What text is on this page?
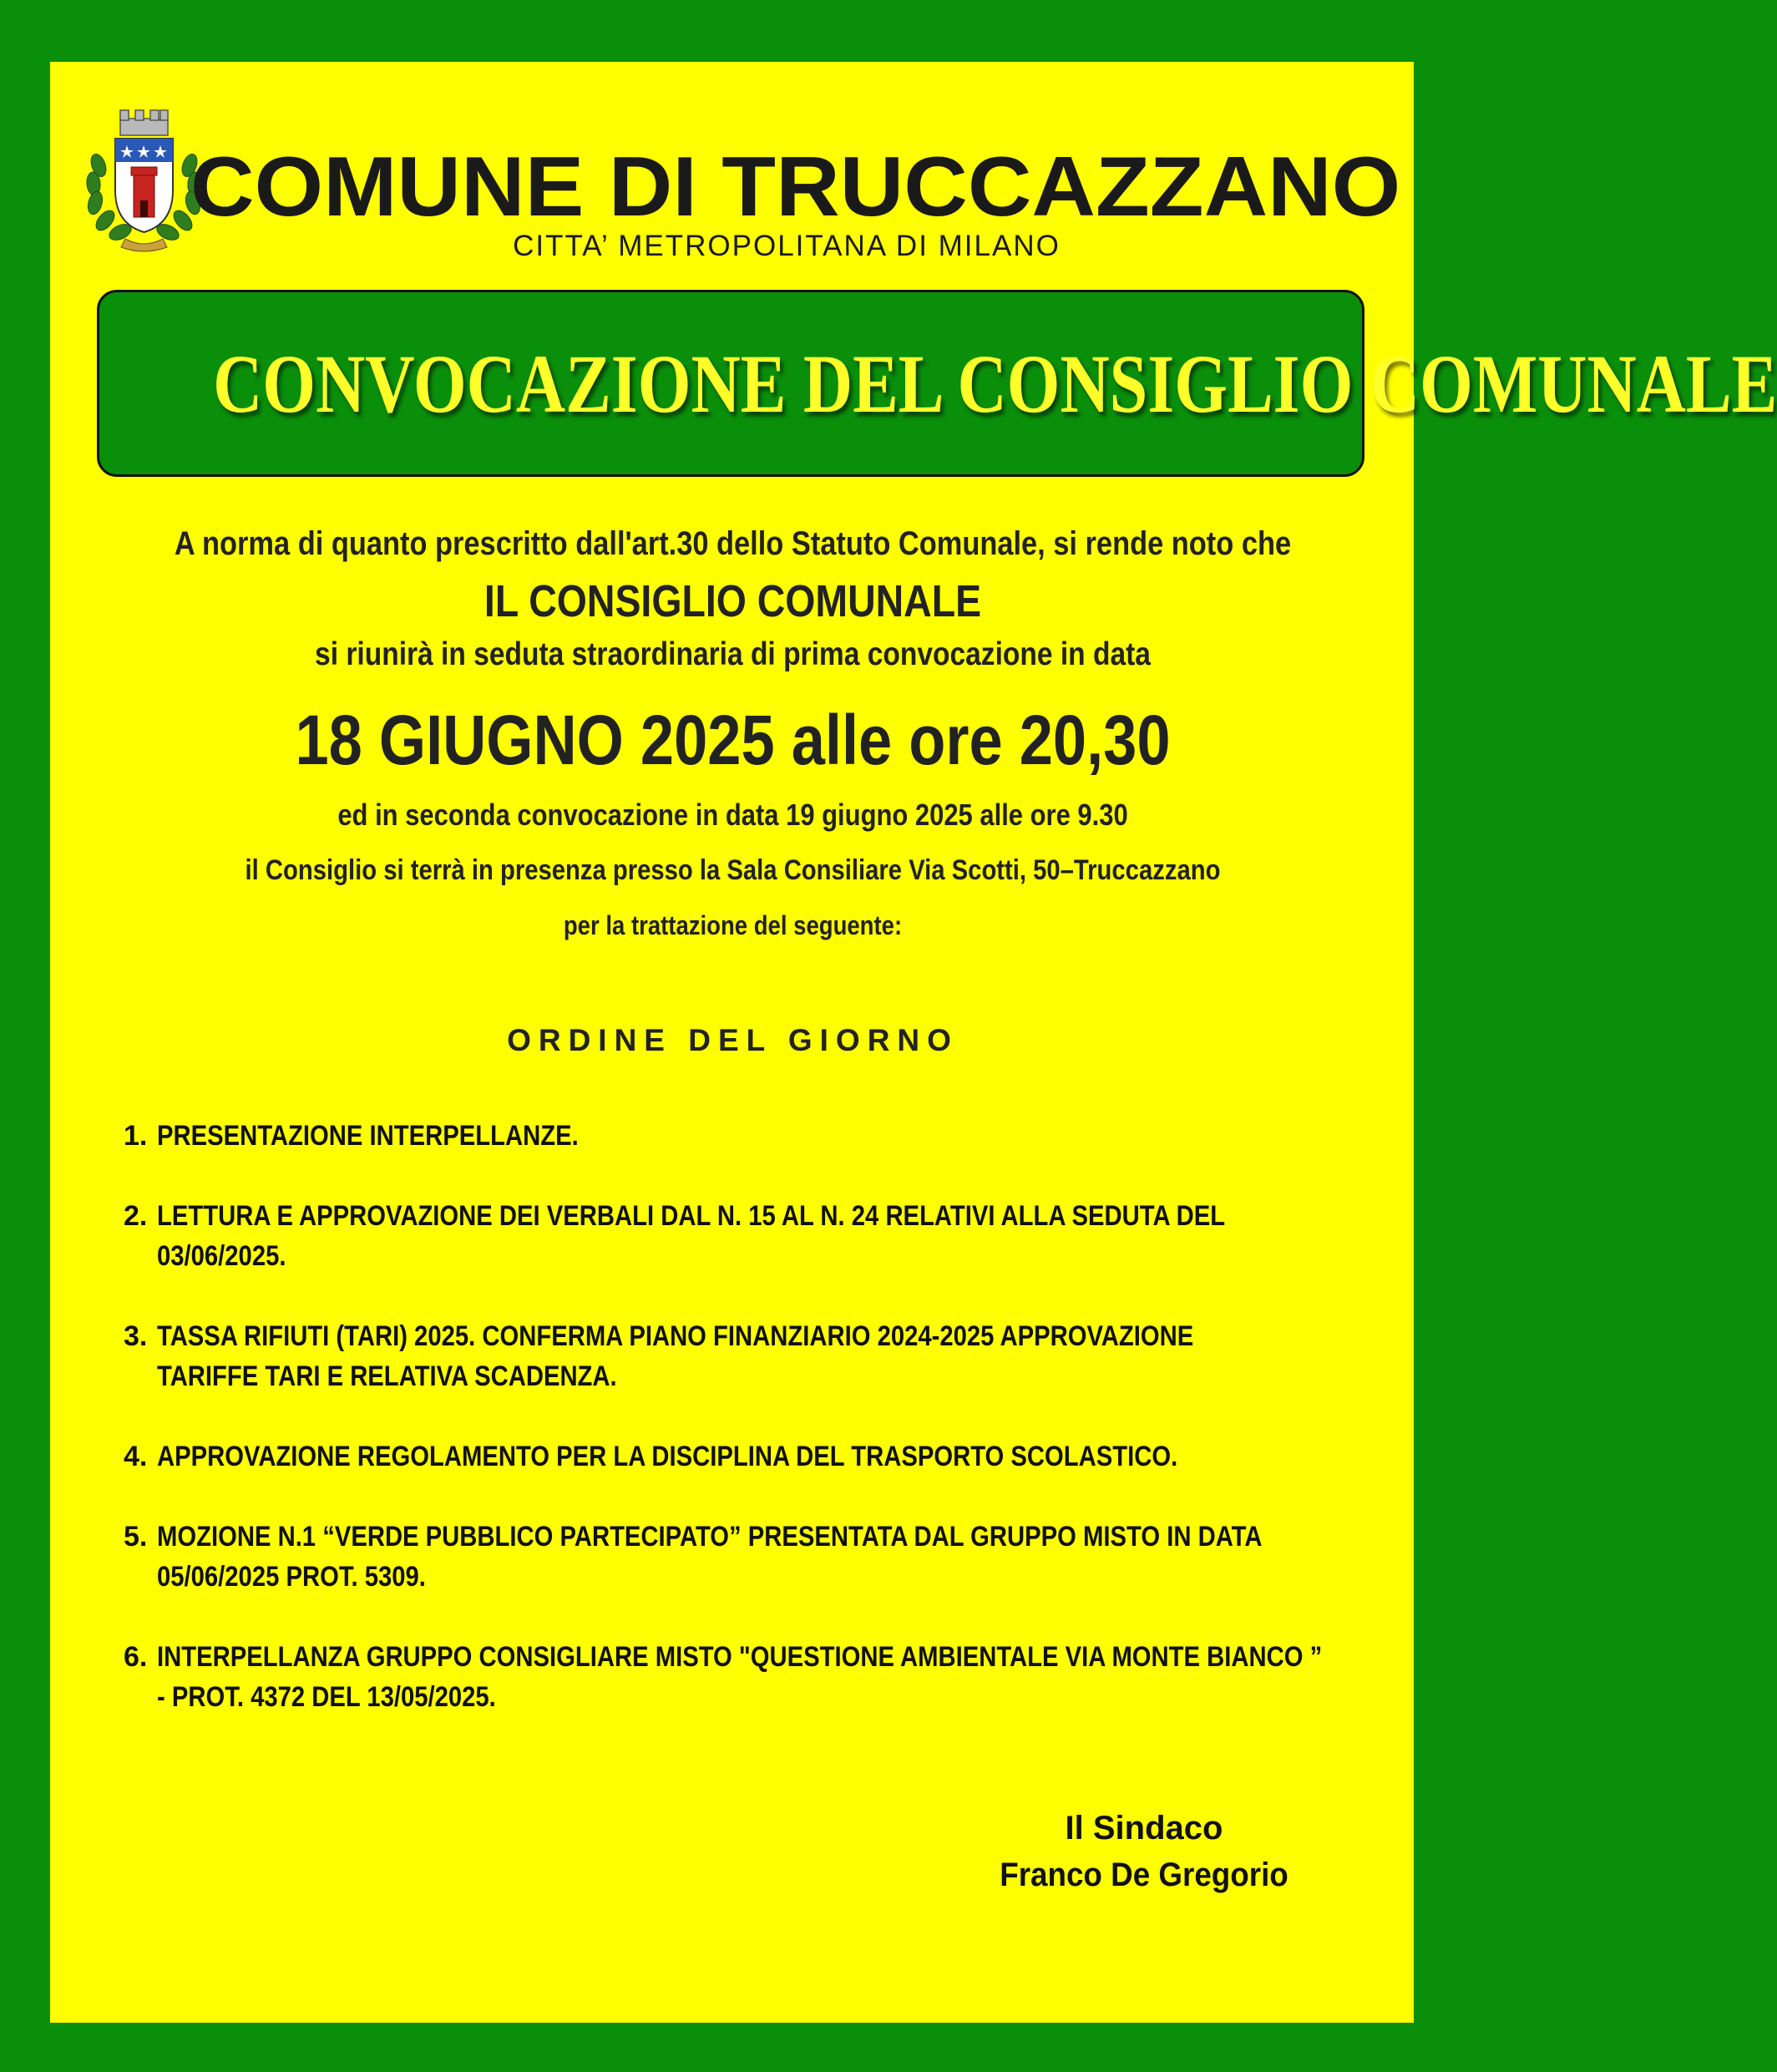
COMUNE DI TRUCCAZZANO
CITTA’ METROPOLITANA DI MILANO
CONVOCAZIONE DEL CONSIGLIO COMUNALE
A norma di quanto prescritto dall'art.30 dello Statuto Comunale, si rende noto che
IL CONSIGLIO COMUNALE
si riunirà in seduta straordinaria di prima convocazione in data
18 GIUGNO 2025 alle ore 20,30
ed in seconda convocazione in data 19 giugno 2025 alle ore 9.30
il Consiglio si terrà in presenza presso la Sala Consiliare Via Scotti, 50–Truccazzano
per la trattazione del seguente:
ORDINE DEL GIORNO
1. PRESENTAZIONE INTERPELLANZE.
2. LETTURA E APPROVAZIONE DEI VERBALI DAL N. 15 AL N. 24 RELATIVI ALLA SEDUTA DEL
03/06/2025.
3. TASSA RIFIUTI (TARI) 2025. CONFERMA PIANO FINANZIARIO 2024-2025 APPROVAZIONE
TARIFFE TARI E RELATIVA SCADENZA.
4. APPROVAZIONE REGOLAMENTO PER LA DISCIPLINA DEL TRASPORTO SCOLASTICO.
5. MOZIONE N.1 “VERDE PUBBLICO PARTECIPATO” PRESENTATA DAL GRUPPO MISTO IN DATA
05/06/2025 PROT. 5309.
6. INTERPELLANZA GRUPPO CONSIGLIARE MISTO "QUESTIONE AMBIENTALE VIA MONTE BIANCO ”
- PROT. 4372 DEL 13/05/2025.
Il Sindaco
Franco De Gregorio
